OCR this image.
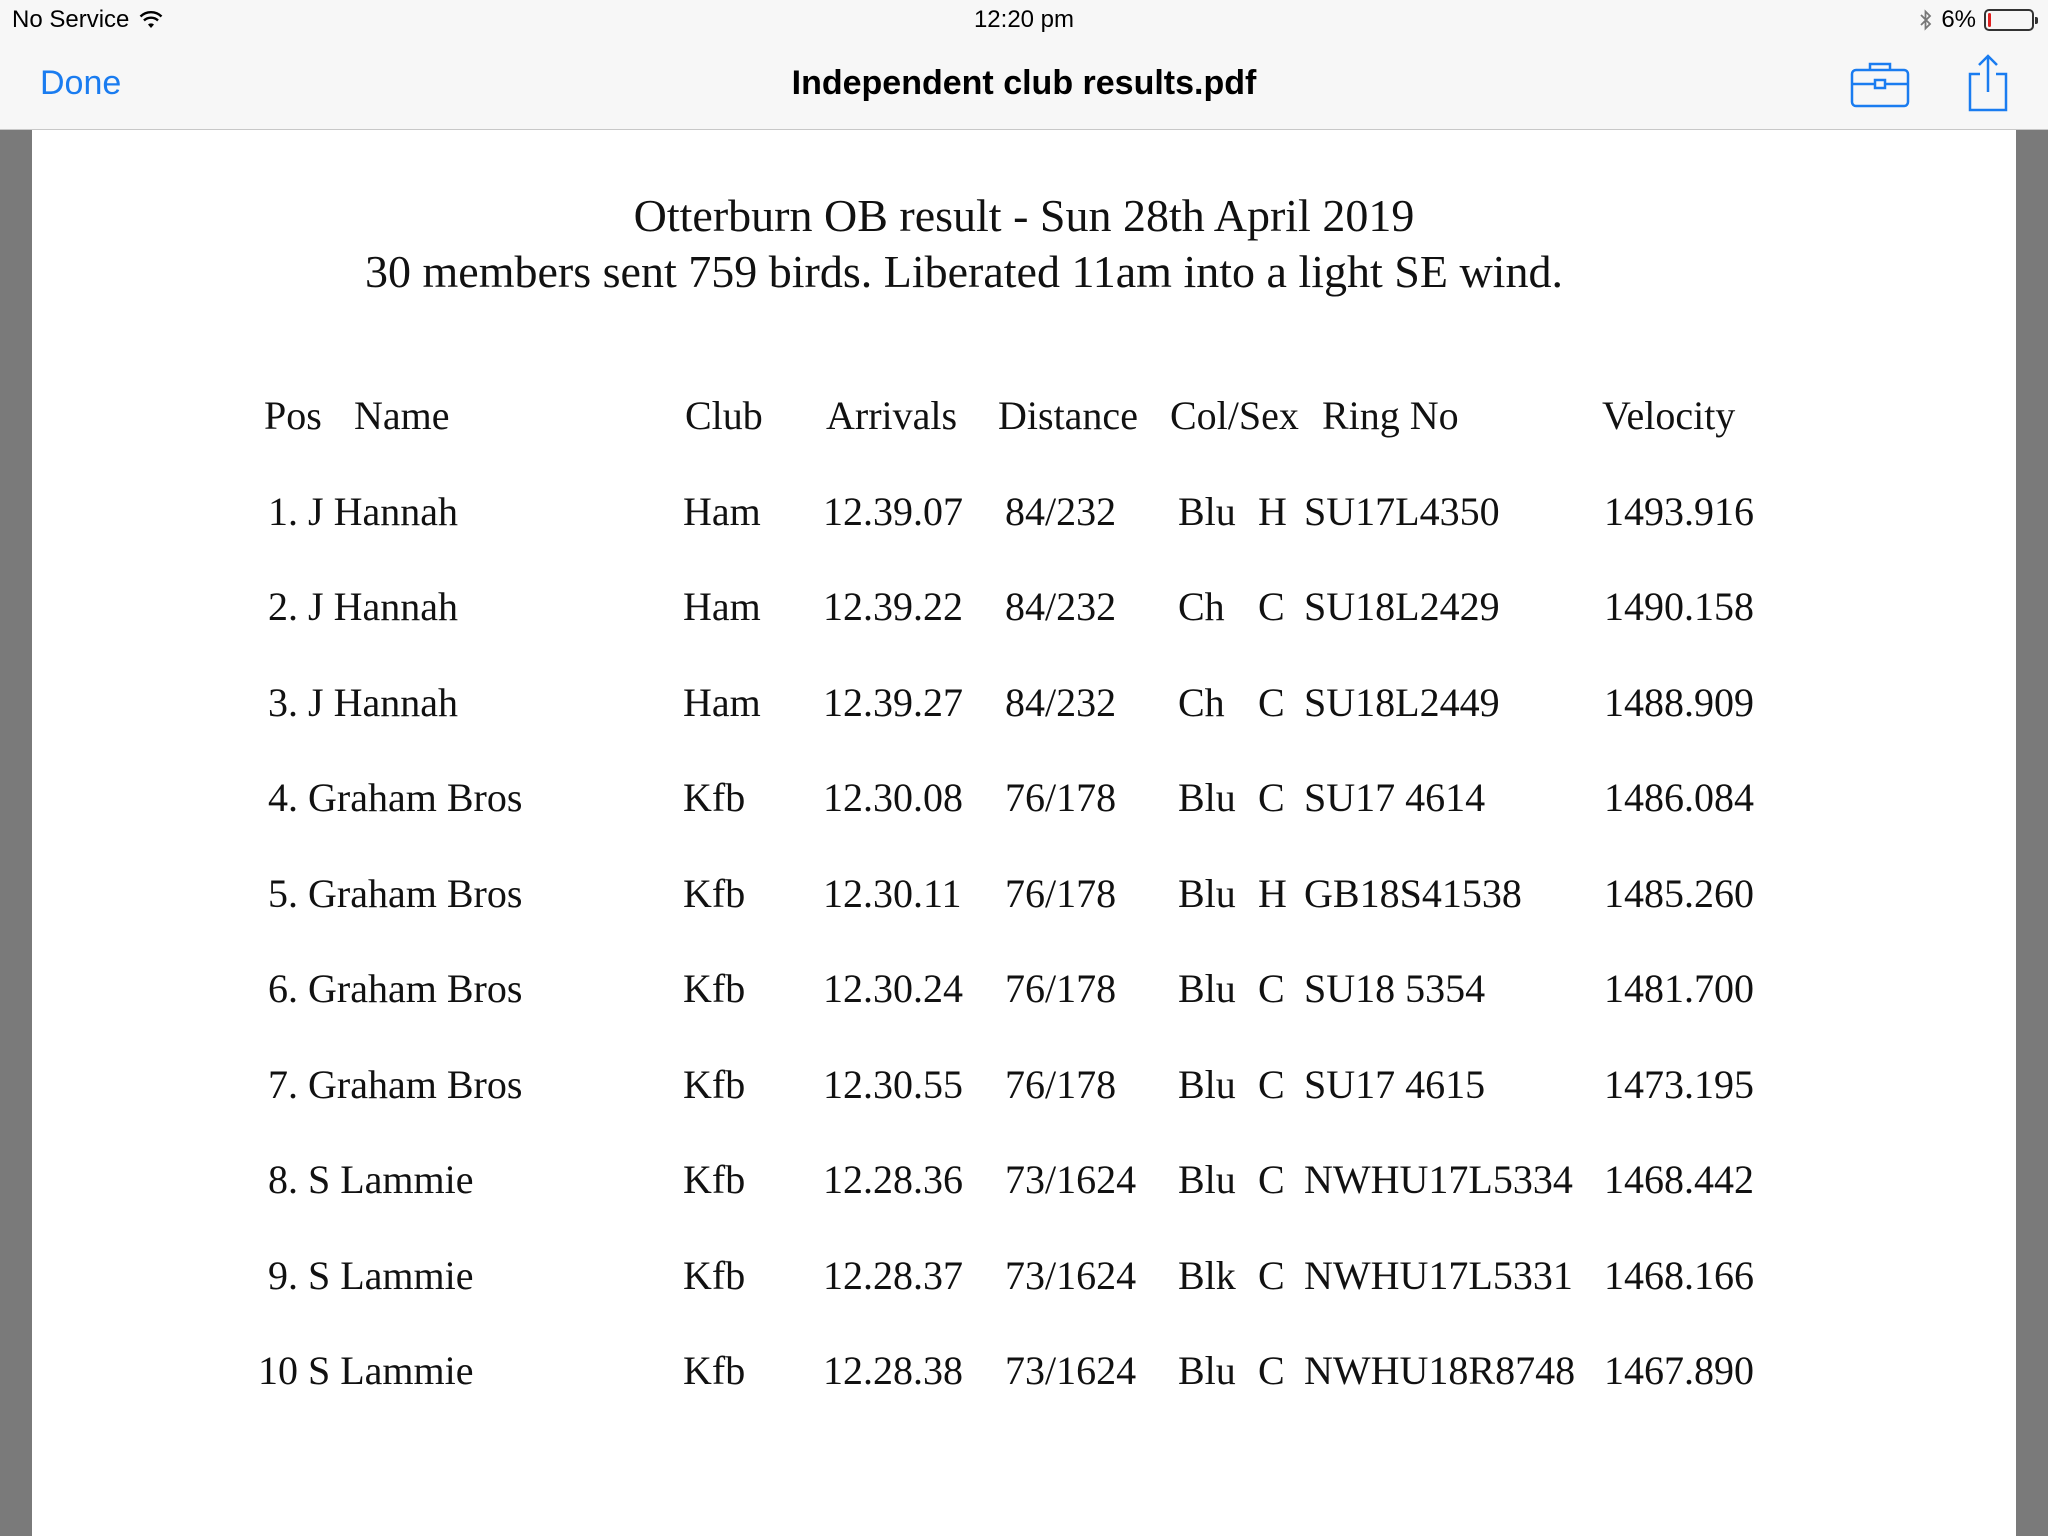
No Service	12:20 pm	6%
Done	Independent club results.pdf
Otterburn OB result - Sun 28th April 2019
30 members sent 759 birds. Liberated 11am into a light SE wind.
Pos Name	Club Arrivals Distance Col/Sex Ring No	Velocity
1. J Hannah	Ham 12.39.07 84/232 Blu H SU17L4350	1493.916
2. J Hannah	Ham 12.39.22 84/232 Ch C SU18L2429	1490.158
3. J Hannah	Ham 12.39.27 84/232 Ch C SU18L2449	1488.909
4. Graham Bros	Kfb 12.30.08 76/178 Blu C SU17 4614	1486.084
5. Graham Bros	Kfb 12.30.11 76/178 Blu H GB18S41538 1485.260
6. Graham Bros	Kfb 12.30.24 76/178 Blu C SU18 5354	1481.700
7. Graham Bros	Kfb 12.30.55 76/178 Blu C SU17 4615	1473.195
8. S Lammie	Kfb 12.28.36 73/1624 Blu C NWHU17L5334 1468.442
9. S Lammie	Kfb 12.28.37 73/1624 Blk C NWHU17L5331 1468.166
10 S Lammie	Kfb 12.28.38 73/1624 Blu C NWHU18R8748 1467.890
